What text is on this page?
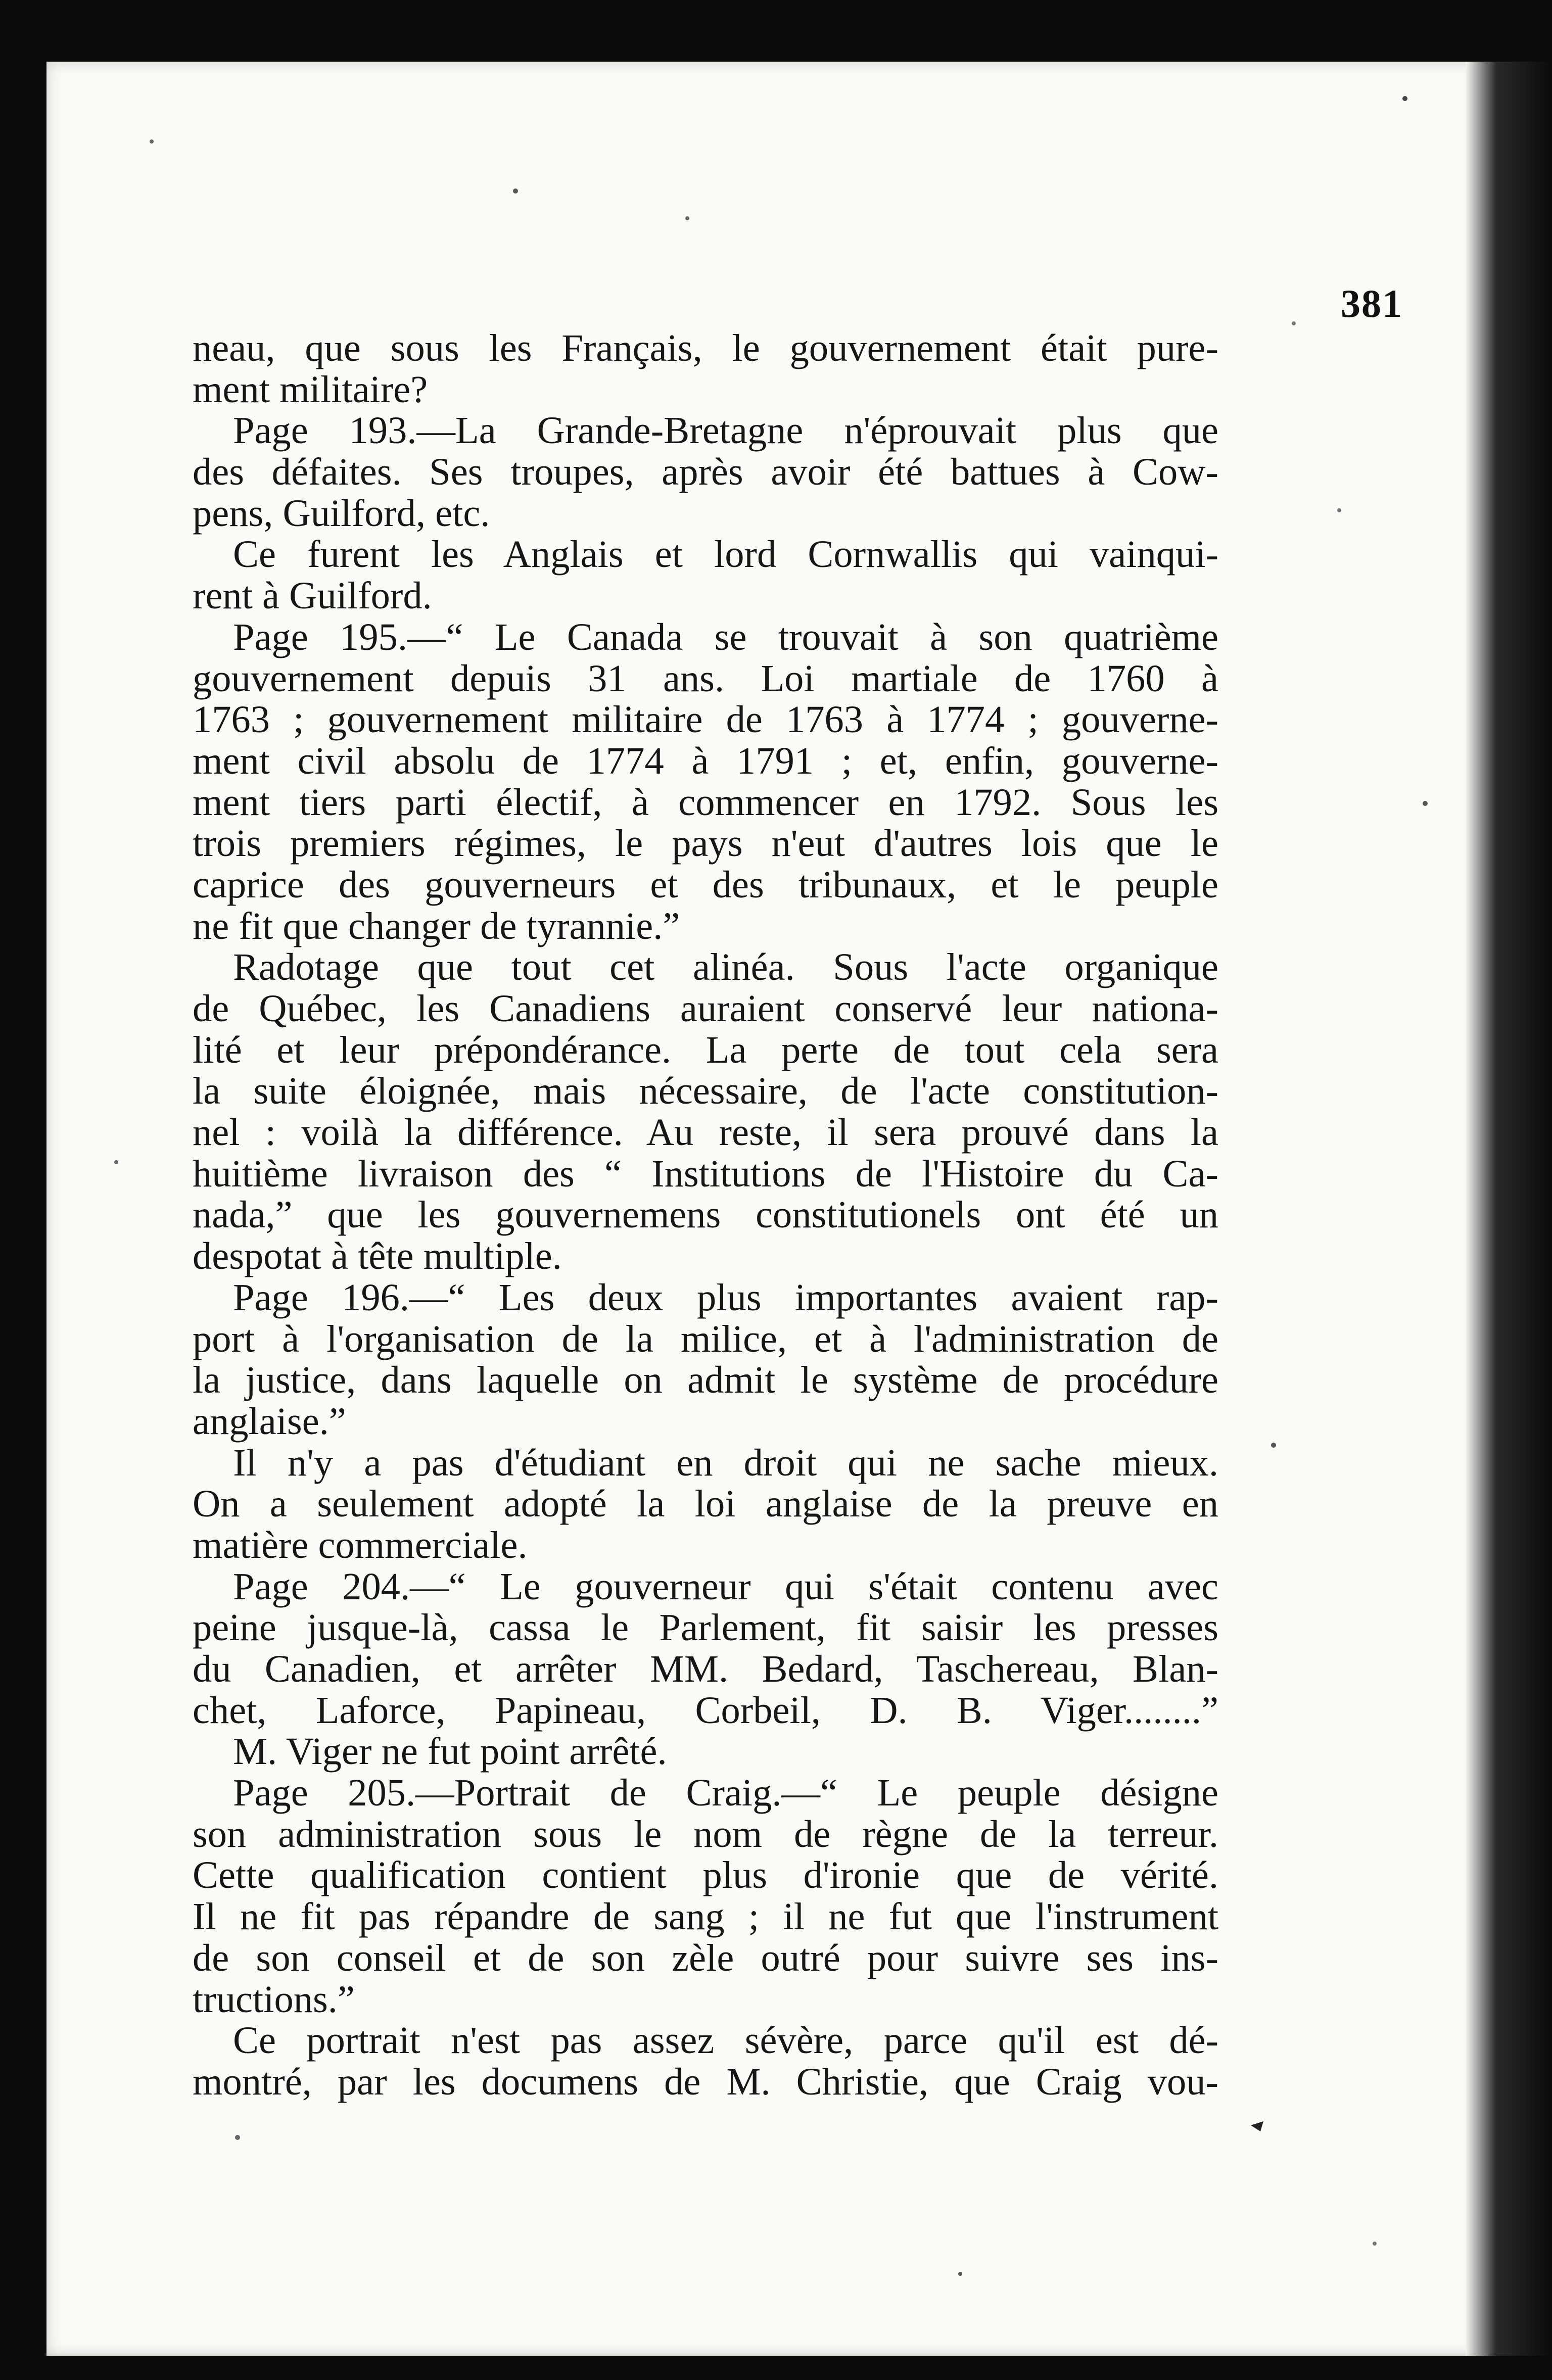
381
neau, que sous les Français, le gouvernement était pure-
ment militaire?
Page 193.—La Grande-Bretagne n'éprouvait plus que
des défaites. Ses troupes, après avoir été battues à Cow-
pens, Guilford, etc.
Ce furent les Anglais et lord Cornwallis qui vainqui-
rent à Guilford.
Page 195.—“ Le Canada se trouvait à son quatrième
gouvernement depuis 31 ans. Loi martiale de 1760 à
1763 ; gouvernement militaire de 1763 à 1774 ; gouverne-
ment civil absolu de 1774 à 1791 ; et, enfin, gouverne-
ment tiers parti électif, à commencer en 1792. Sous les
trois premiers régimes, le pays n'eut d'autres lois que le
caprice des gouverneurs et des tribunaux, et le peuple
ne fit que changer de tyrannie.”
Radotage que tout cet alinéa. Sous l'acte organique
de Québec, les Canadiens auraient conservé leur nationa-
lité et leur prépondérance. La perte de tout cela sera
la suite éloignée, mais nécessaire, de l'acte constitution-
nel : voilà la différence. Au reste, il sera prouvé dans la
huitième livraison des “ Institutions de l'Histoire du Ca-
nada,” que les gouvernemens constitutionels ont été un
despotat à tête multiple.
Page 196.—“ Les deux plus importantes avaient rap-
port à l'organisation de la milice, et à l'administration de
la justice, dans laquelle on admit le système de procédure
anglaise.”
Il n'y a pas d'étudiant en droit qui ne sache mieux.
On a seulement adopté la loi anglaise de la preuve en
matière commerciale.
Page 204.—“ Le gouverneur qui s'était contenu avec
peine jusque-là, cassa le Parlement, fit saisir les presses
du Canadien, et arrêter MM. Bedard, Taschereau, Blan-
chet, Laforce, Papineau, Corbeil, D. B. Viger........”
M. Viger ne fut point arrêté.
Page 205.—Portrait de Craig.—“ Le peuple désigne
son administration sous le nom de règne de la terreur.
Cette qualification contient plus d'ironie que de vérité.
Il ne fit pas répandre de sang ; il ne fut que l'instrument
de son conseil et de son zèle outré pour suivre ses ins-
tructions.”
Ce portrait n'est pas assez sévère, parce qu'il est dé-
montré, par les documens de M. Christie, que Craig vou-
